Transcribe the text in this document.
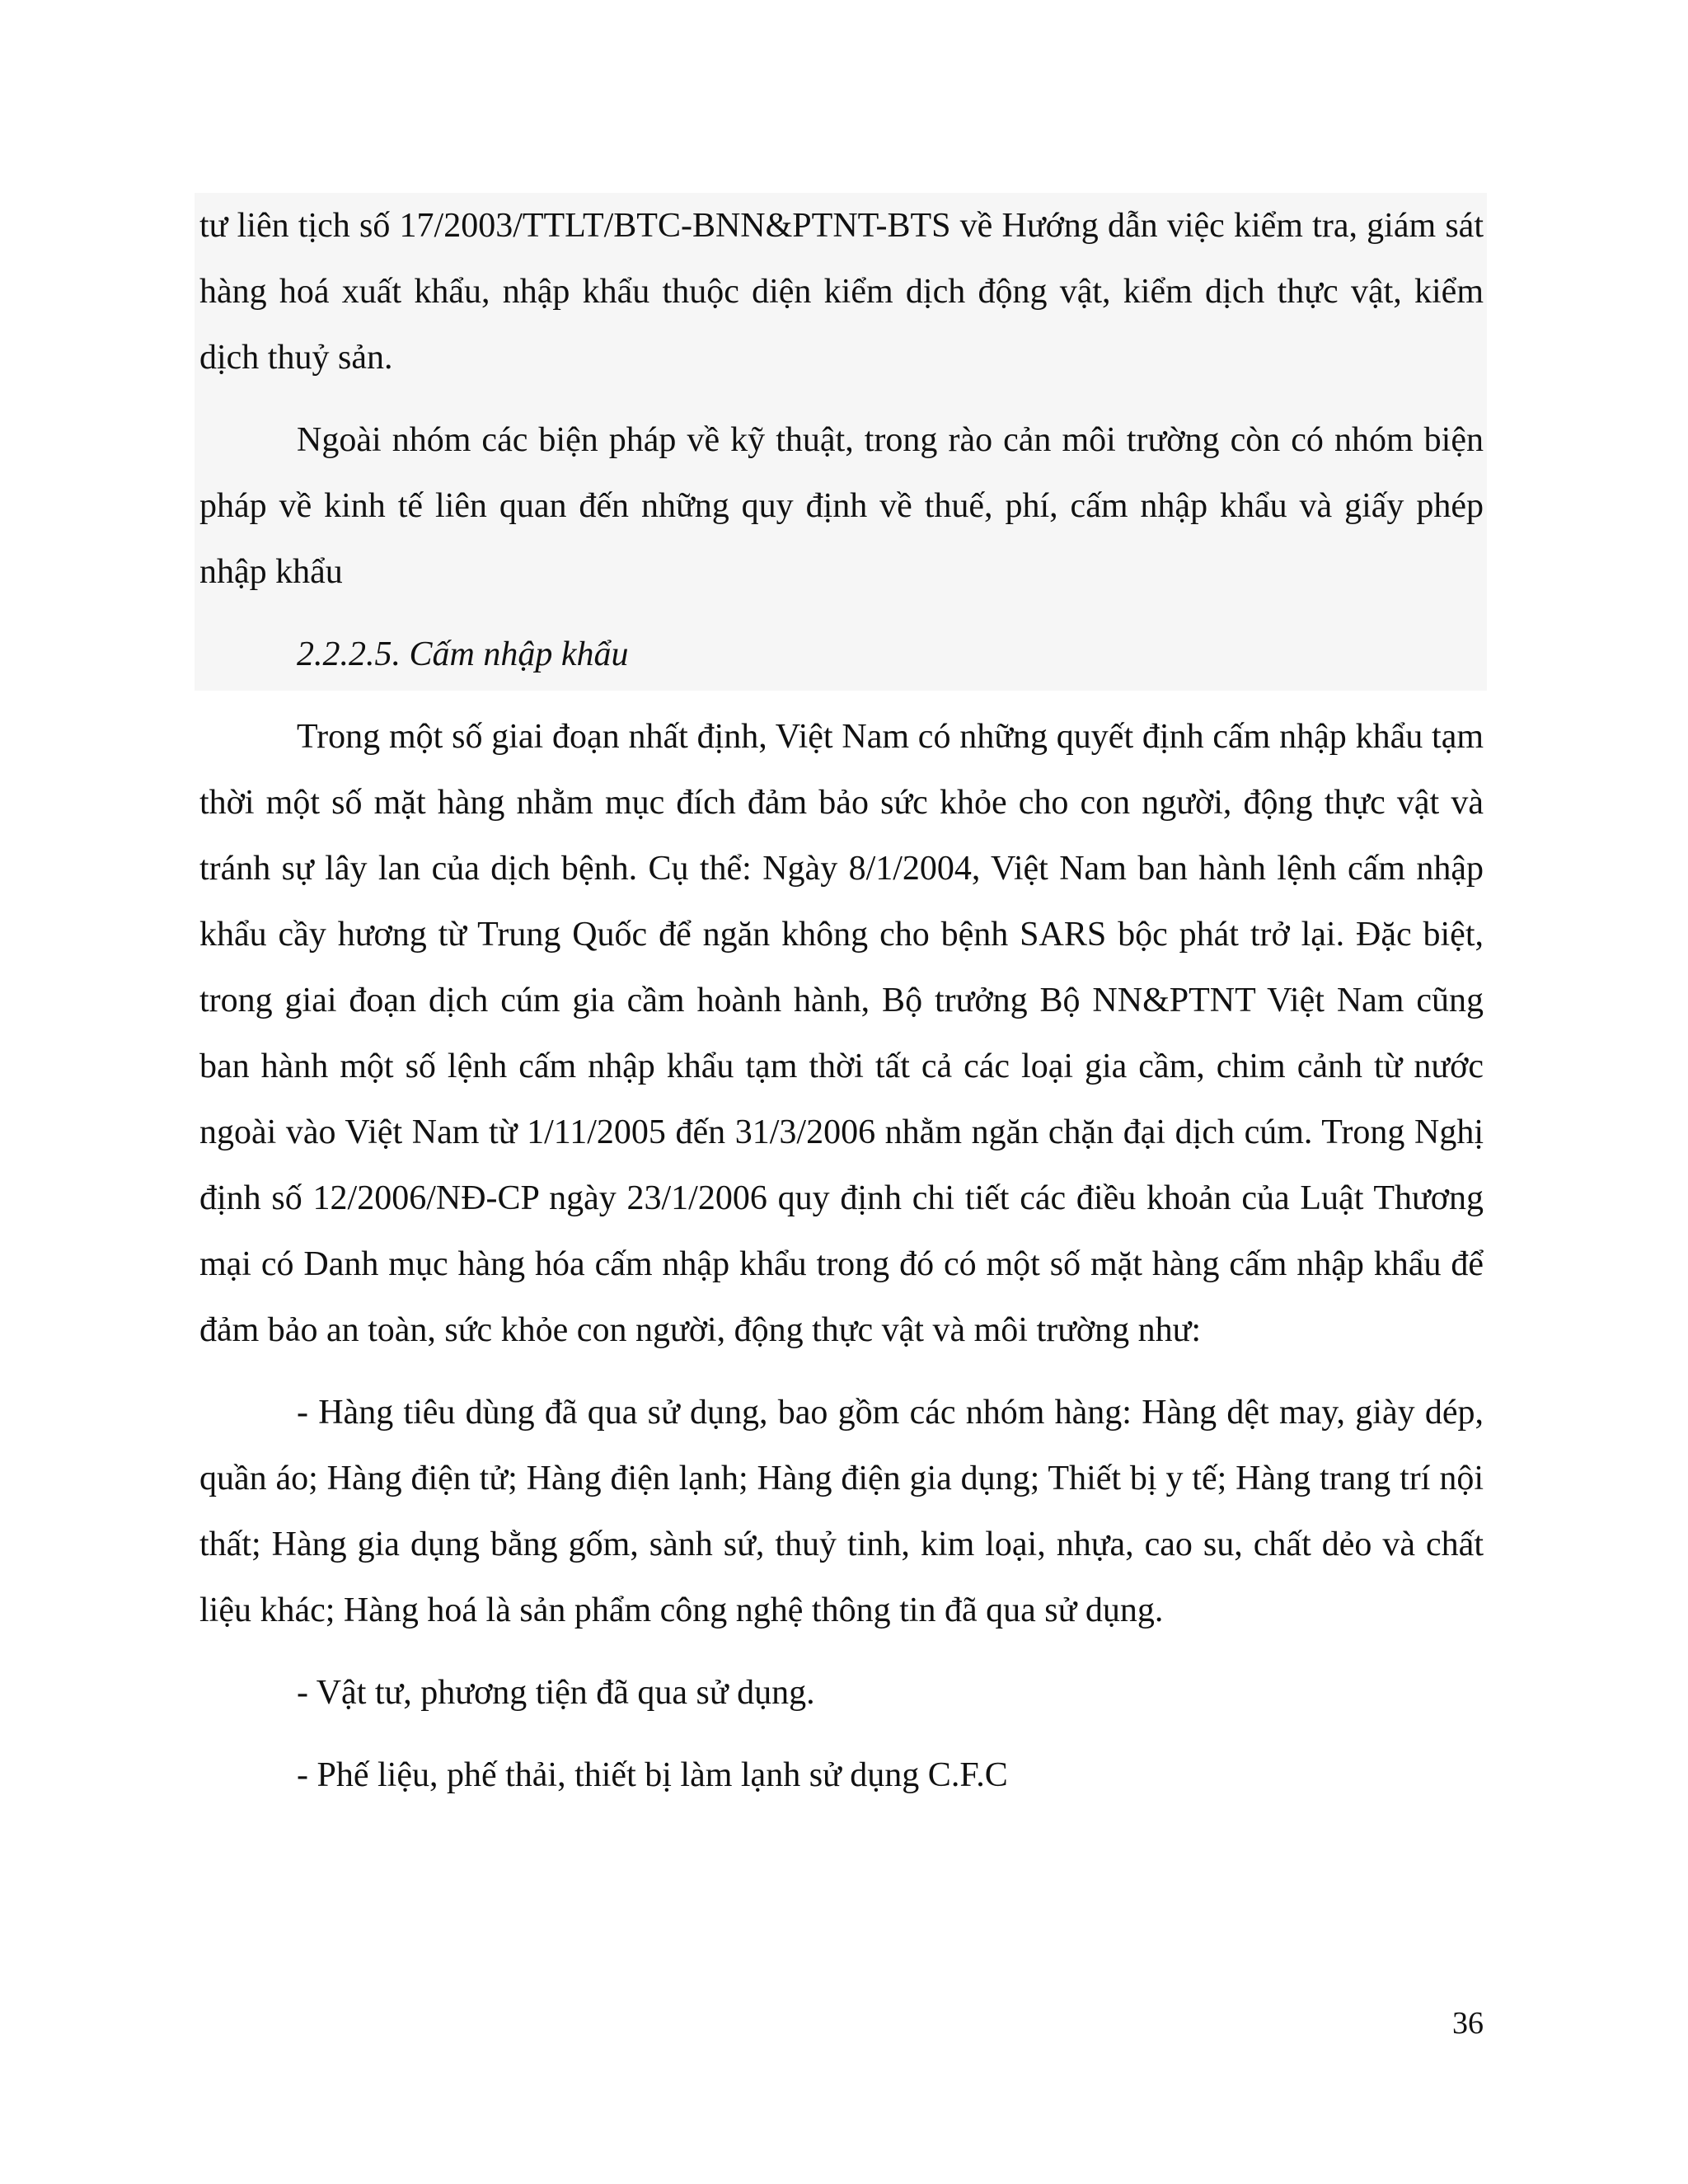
tư liên tịch số 17/2003/TTLT/BTC-BNN&PTNT-BTS về Hướng dẫn việc kiểm tra, giám sát hàng hoá xuất khẩu, nhập khẩu thuộc diện kiểm dịch động vật, kiểm dịch thực vật, kiểm dịch thuỷ sản.

Ngoài nhóm các biện pháp về kỹ thuật, trong rào cản môi trường còn có nhóm biện pháp về kinh tế liên quan đến những quy định về thuế, phí, cấm nhập khẩu và giấy phép nhập khẩu

2.2.2.5. Cấm nhập khẩu

Trong một số giai đoạn nhất định, Việt Nam có những quyết định cấm nhập khẩu tạm thời một số mặt hàng nhằm mục đích đảm bảo sức khỏe cho con người, động thực vật và tránh sự lây lan của dịch bệnh. Cụ thể: Ngày 8/1/2004, Việt Nam ban hành lệnh cấm nhập khẩu cầy hương từ Trung Quốc để ngăn không cho bệnh SARS bộc phát trở lại. Đặc biệt, trong giai đoạn dịch cúm gia cầm hoành hành, Bộ trưởng Bộ NN&PTNT Việt Nam cũng ban hành một số lệnh cấm nhập khẩu tạm thời tất cả các loại gia cầm, chim cảnh từ nước ngoài vào Việt Nam từ 1/11/2005 đến 31/3/2006 nhằm ngăn chặn đại dịch cúm. Trong Nghị định số 12/2006/NĐ-CP ngày 23/1/2006 quy định chi tiết các điều khoản của Luật Thương mại có Danh mục hàng hóa cấm nhập khẩu trong đó có một số mặt hàng cấm nhập khẩu để đảm bảo an toàn, sức khỏe con người, động thực vật và môi trường như:

- Hàng tiêu dùng đã qua sử dụng, bao gồm các nhóm hàng: Hàng dệt may, giày dép, quần áo; Hàng điện tử; Hàng điện lạnh; Hàng điện gia dụng; Thiết bị y tế; Hàng trang trí nội thất; Hàng gia dụng bằng gốm, sành sứ, thuỷ tinh, kim loại, nhựa, cao su, chất dẻo và chất liệu khác; Hàng hoá là sản phẩm công nghệ thông tin đã qua sử dụng.

- Vật tư, phương tiện đã qua sử dụng.

- Phế liệu, phế thải, thiết bị làm lạnh sử dụng C.F.C

36
